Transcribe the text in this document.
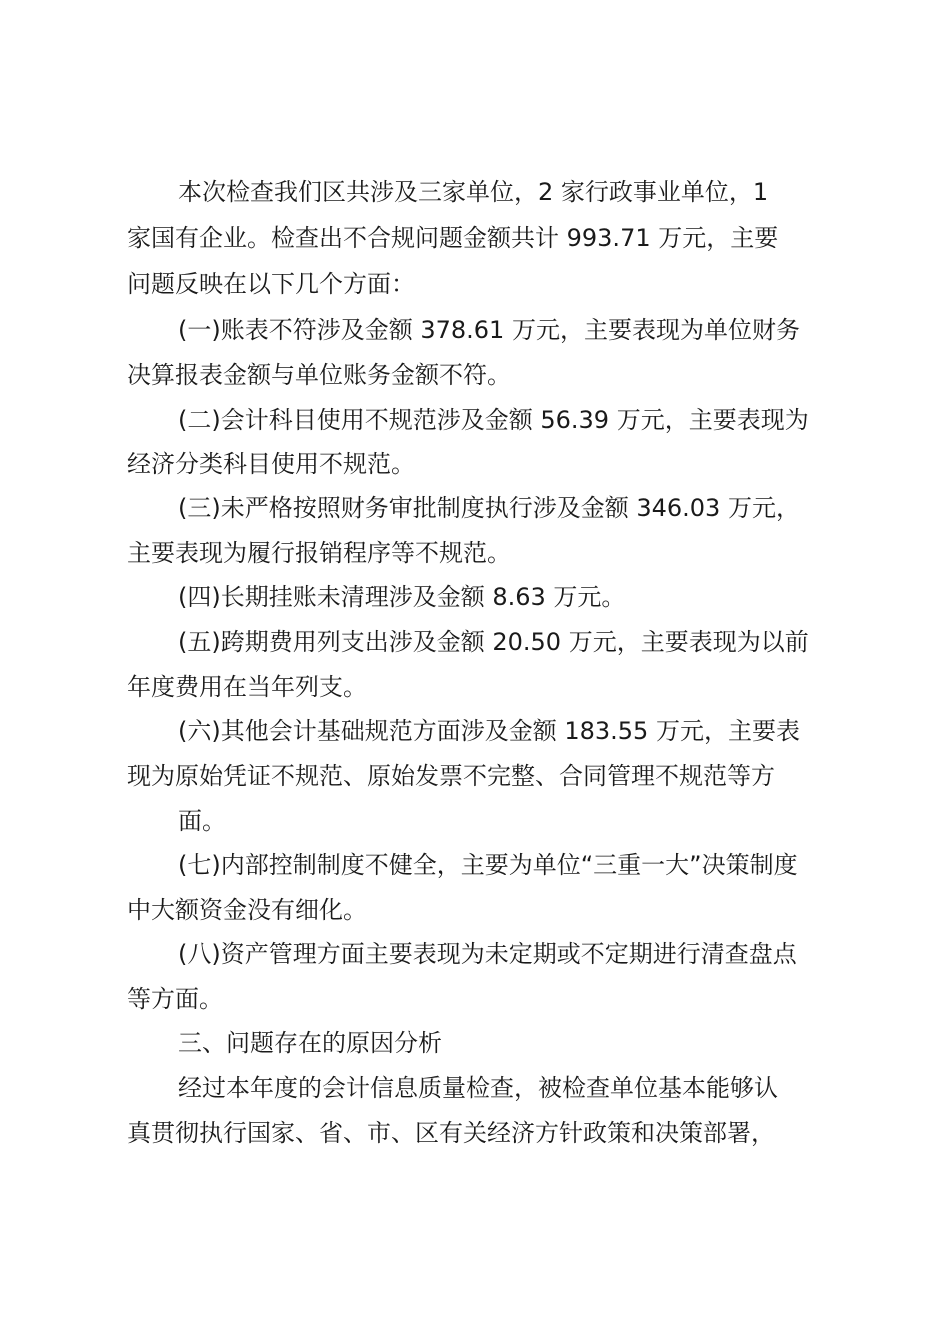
本次检查我们区共涉及三家单位，2 家行政事业单位，1
家国有企业。检查出不合规问题金额共计 993.71 万元，主要
问题反映在以下几个方面：
(一)账表不符涉及金额 378.61 万元，主要表现为单位财务
决算报表金额与单位账务金额不符。
(二)会计科目使用不规范涉及金额 56.39 万元，主要表现为
经济分类科目使用不规范。
(三)未严格按照财务审批制度执行涉及金额 346.03 万元，
主要表现为履行报销程序等不规范。
(四)长期挂账未清理涉及金额 8.63 万元。
(五)跨期费用列支出涉及金额 20.50 万元，主要表现为以前
年度费用在当年列支。
(六)其他会计基础规范方面涉及金额 183.55 万元，主要表
现为原始凭证不规范、原始发票不完整、合同管理不规范等方
面。
(七)内部控制制度不健全，主要为单位“三重一大”决策制度
中大额资金没有细化。
(八)资产管理方面主要表现为未定期或不定期进行清查盘点
等方面。
三、问题存在的原因分析
经过本年度的会计信息质量检查，被检查单位基本能够认
真贯彻执行国家、省、市、区有关经济方针政策和决策部署，
